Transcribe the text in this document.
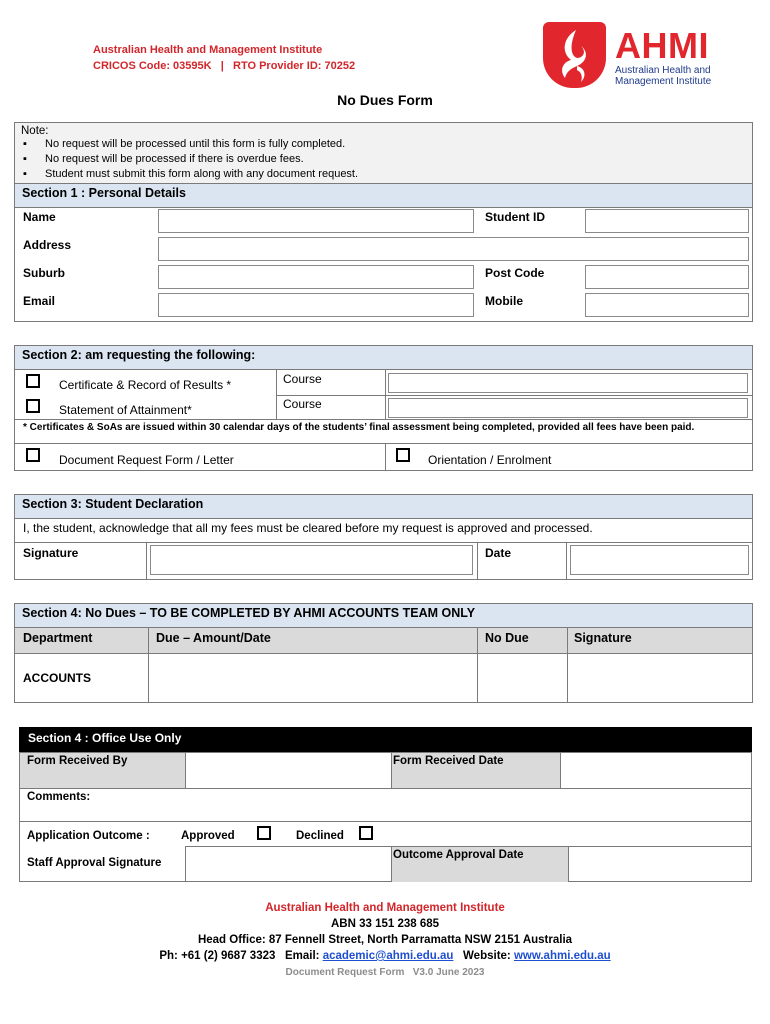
Australian Health and Management Institute
CRICOS Code: 03595K   |   RTO Provider ID: 70252	AHMI
Australian Health and
Management Institute
No Dues Form
Note:
▪ No request will be processed until this form is fully completed.
▪ No request will be processed if there is overdue fees.
▪ Student must submit this form along with any document request.
Section 1 : Personal Details
Name	Student ID
Address
Suburb	Post Code
Email	Mobile
Section 2: am requesting the following:
Certificate & Record of Results *	Course
Statement of Attainment*	Course
* Certificates & SoAs are issued within 30 calendar days of the students’ final assessment being completed, provided all fees have been paid.
Document Request Form / Letter	Orientation / Enrolment
Section 3: Student Declaration
I, the student, acknowledge that all my fees must be cleared before my request is approved and processed.
Signature	Date
Section 4: No Dues – TO BE COMPLETED BY AHMI ACCOUNTS TEAM ONLY
Department	Due – Amount/Date	No Due	Signature
ACCOUNTS
Section 4 : Office Use Only
Form Received By	Form Received Date
Comments:
Application Outcome :	Approved	Declined
Staff Approval Signature
Outcome Approval Date
Australian Health and Management Institute
ABN 33 151 238 685
Head Office: 87 Fennell Street, North Parramatta NSW 2151 Australia
Ph: +61 (2) 9687 3323 Email: academic@ahmi.edu.au Website: www.ahmi.edu.au
Document Request Form   V3.0 June 2023
